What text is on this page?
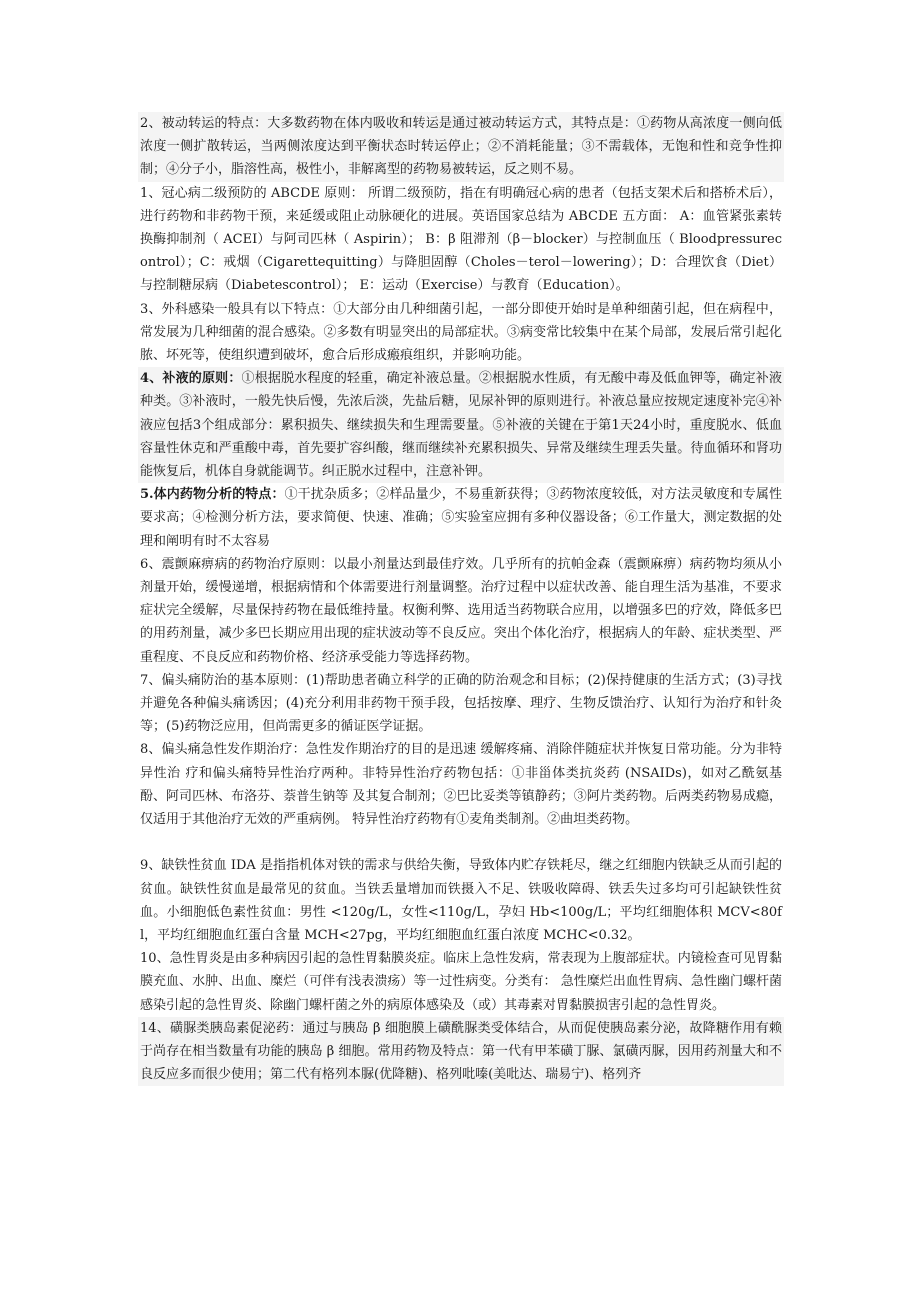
2、被动转运的特点：大多数药物在体内吸收和转运是通过被动转运方式，其特点是：①药物从高浓度一侧向低浓度一侧扩散转运，当两侧浓度达到平衡状态时转运停止；②不消耗能量；③不需载体，无饱和性和竞争性抑制；④分子小，脂溶性高，极性小，非解离型的药物易被转运，反之则不易。

1、冠心病二级预防的 ABCDE 原则： 所谓二级预防，指在有明确冠心病的患者（包括支架术后和搭桥术后），进行药物和非药物干预，来延缓或阻止动脉硬化的进展。英语国家总结为 ABCDE 五方面： A：血管紧张素转换酶抑制剂（ ACEI）与阿司匹林（ Aspirin）； B：β 阻滞剂（β－blocker）与控制血压（ Bloodpressurecontrol）；C：戒烟（Cigarettequitting）与降胆固醇（Choles－terol－lowering）；D：合理饮食（Diet）与控制糖尿病（Diabetescontrol）； E：运动（Exercise）与教育（Education）。

3、外科感染一般具有以下特点：①大部分由几种细菌引起，一部分即使开始时是单种细菌引起，但在病程中，常发展为几种细菌的混合感染。②多数有明显突出的局部症状。③病变常比较集中在某个局部，发展后常引起化脓、坏死等，使组织遭到破坏，愈合后形成瘢痕组织，并影响功能。

4、补液的原则：①根据脱水程度的轻重，确定补液总量。②根据脱水性质，有无酸中毒及低血钾等，确定补液种类。③补液时，一般先快后慢，先浓后淡，先盐后糖，见尿补钾的原则进行。补液总量应按规定速度补完④补液应包括3个组成部分：累积损失、继续损失和生理需要量。⑤补液的关键在于第1天24小时，重度脱水、低血容量性休克和严重酸中毒，首先要扩容纠酸，继而继续补充累积损失、异常及继续生理丢失量。待血循环和肾功能恢复后，机体自身就能调节。纠正脱水过程中，注意补钾。

5.体内药物分析的特点：①干扰杂质多；②样品量少，不易重新获得；③药物浓度较低，对方法灵敏度和专属性要求高；④检测分析方法，要求简便、快速、准确；⑤实验室应拥有多种仪器设备；⑥工作量大，测定数据的处理和阐明有时不太容易

6、震颤麻痹病的药物治疗原则：以最小剂量达到最佳疗效。几乎所有的抗帕金森（震颤麻痹）病药物均须从小剂量开始，缓慢递增，根据病情和个体需要进行剂量调整。治疗过程中以症状改善、能自理生活为基准，不要求症状完全缓解，尽量保持药物在最低维持量。权衡利弊、选用适当药物联合应用，以增强多巴的疗效，降低多巴的用药剂量，减少多巴长期应用出现的症状波动等不良反应。突出个体化治疗，根据病人的年龄、症状类型、严重程度、不良反应和药物价格、经济承受能力等选择药物。

7、偏头痛防治的基本原则：(1)帮助患者确立科学的正确的防治观念和目标；(2)保持健康的生活方式；(3)寻找并避免各种偏头痛诱因；(4)充分利用非药物干预手段，包括按摩、理疗、生物反馈治疗、认知行为治疗和针灸等；(5)药物泛应用，但尚需更多的循证医学证据。

8、偏头痛急性发作期治疗：急性发作期治疗的目的是迅速 缓解疼痛、消除伴随症状并恢复日常功能。分为非特异性治 疗和偏头痛特异性治疗两种。非特异性治疗药物包括：①非甾体类抗炎药 (NSAIDs)，如对乙酰氨基酚、阿司匹林、布洛芬、萘普生钠等 及其复合制剂；②巴比妥类等镇静药；③阿片类药物。后两类药物易成瘾，仅适用于其他治疗无效的严重病例。 特异性治疗药物有①麦角类制剂。②曲坦类药物。

9、缺铁性贫血 IDA 是指指机体对铁的需求与供给失衡，导致体内贮存铁耗尽，继之红细胞内铁缺乏从而引起的贫血。缺铁性贫血是最常见的贫血。当铁丢量增加而铁摄入不足、铁吸收障碍、铁丢失过多均可引起缺铁性贫血。小细胞低色素性贫血：男性 <120g/L，女性<110g/L，孕妇 Hb<100g/L；平均红细胞体积 MCV<80fl，平均红细胞血红蛋白含量 MCH<27pg，平均红细胞血红蛋白浓度 MCHC<0.32。

10、急性胃炎是由多种病因引起的急性胃黏膜炎症。临床上急性发病，常表现为上腹部症状。内镜检查可见胃黏膜充血、水肿、出血、糜烂（可伴有浅表溃疡）等一过性病变。分类有： 急性糜烂出血性胃病、急性幽门螺杆菌感染引起的急性胃炎、除幽门螺杆菌之外的病原体感染及（或）其毒素对胃黏膜损害引起的急性胃炎。

14、磺脲类胰岛素促泌药：通过与胰岛 β 细胞膜上磺酰脲类受体结合，从而促使胰岛素分泌，故降糖作用有赖于尚存在相当数量有功能的胰岛 β 细胞。常用药物及特点：第一代有甲苯磺丁脲、氯磺丙脲，因用药剂量大和不良反应多而很少使用；第二代有格列本脲(优降糖)、格列吡嗪(美吡达、瑞易宁)、格列齐
